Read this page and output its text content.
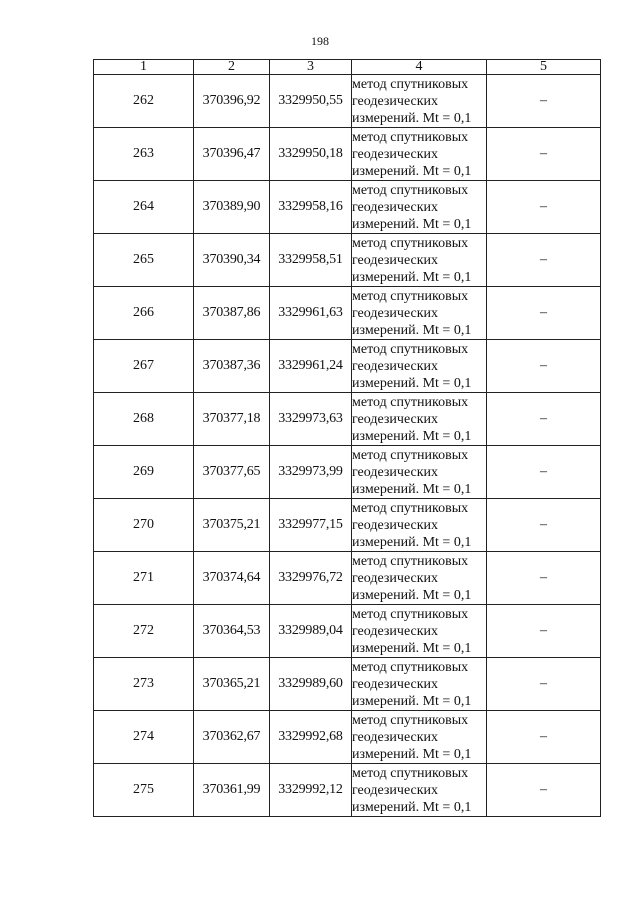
198
1	2	3	4	5
262	370396,92	3329950,55	метод спутниковых
геодезических
измерений. Mt = 0,1	–
263	370396,47	3329950,18	метод спутниковых
геодезических
измерений. Mt = 0,1	–
264	370389,90	3329958,16	метод спутниковых
геодезических
измерений. Mt = 0,1	–
265	370390,34	3329958,51	метод спутниковых
геодезических
измерений. Mt = 0,1	–
266	370387,86	3329961,63	метод спутниковых
геодезических
измерений. Mt = 0,1	–
267	370387,36	3329961,24	метод спутниковых
геодезических
измерений. Mt = 0,1	–
268	370377,18	3329973,63	метод спутниковых
геодезических
измерений. Mt = 0,1	–
269	370377,65	3329973,99	метод спутниковых
геодезических
измерений. Mt = 0,1	–
270	370375,21	3329977,15	метод спутниковых
геодезических
измерений. Mt = 0,1	–
271	370374,64	3329976,72	метод спутниковых
геодезических
измерений. Mt = 0,1	–
272	370364,53	3329989,04	метод спутниковых
геодезических
измерений. Mt = 0,1	–
273	370365,21	3329989,60	метод спутниковых
геодезических
измерений. Mt = 0,1	–
274	370362,67	3329992,68	метод спутниковых
геодезических
измерений. Mt = 0,1	–
275	370361,99	3329992,12	метод спутниковых
геодезических
измерений. Mt = 0,1	–
